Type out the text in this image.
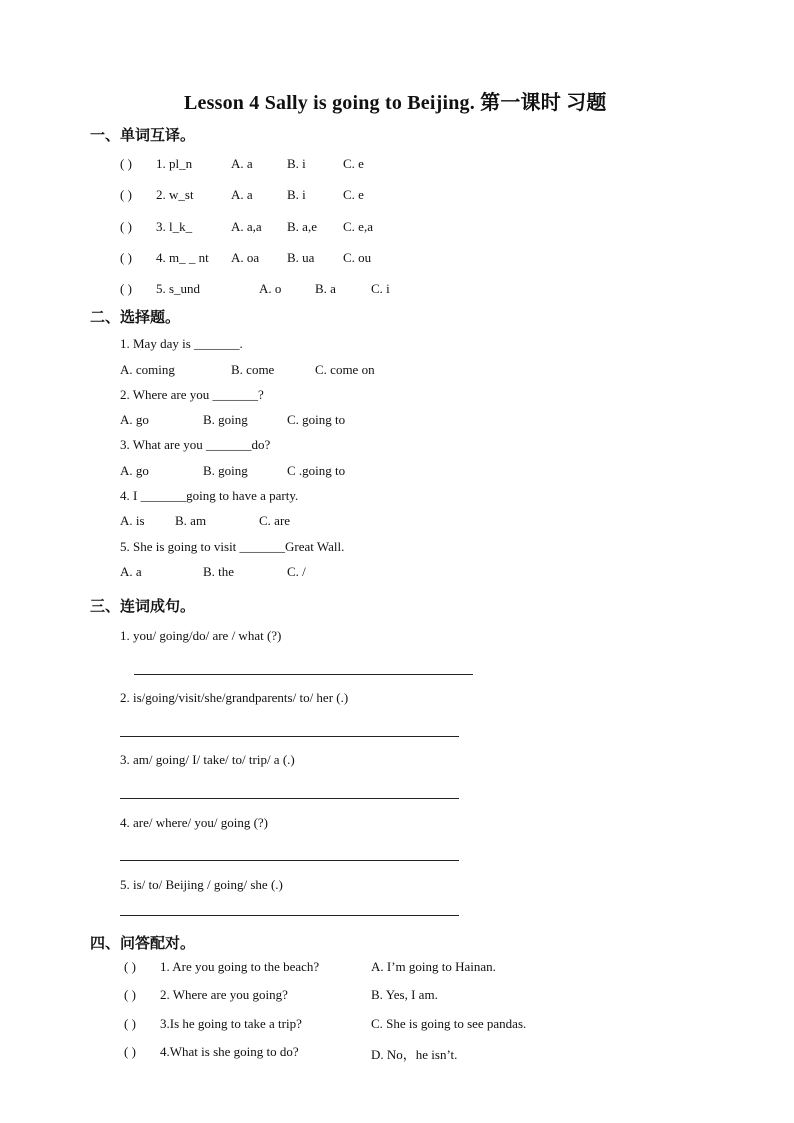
Lesson 4 Sally is going to Beijing. 第一课时 习题
一、单词互译。
( ) 1. pl_n	A. a	B. i	C. e
( ) 2. w_st	A. a	B. i	C. e
( ) 3. l_k_	A. a,a B. a,e C. e,a
( ) 4. m_ _ nt A. oa B. ua C. ou
( ) 5. s_und	A. o	B. a	C. i
二、选择题。
1. May day is _______.
A. coming	B. come	C. come on
2. Where are you _______?
A. go	B. going	C. going to
3. What are you _______do?
A. go	B. going	C .going to
4. I _______going to have a party.
A. is B. am	C. are
5. She is going to visit _______Great Wall.
A. a	B. the	C. /
三、连词成句。
1. you/ going/do/ are / what (?)
2. is/going/visit/she/grandparents/ to/ her (.)
3. am/ going/ I/ take/ to/ trip/ a (.)
4. are/ where/ you/ going (?)
5. is/ to/ Beijing / going/ she (.)
四、问答配对。
( ) 1. Are you going to the beach?	A. I’m going to Hainan.
( ) 2. Where are you going?	B. Yes, I am.
( ) 3.Is he going to take a trip?	C. She is going to see pandas.
( ) 4.What is she going to do?	D. No，he isn’t.
